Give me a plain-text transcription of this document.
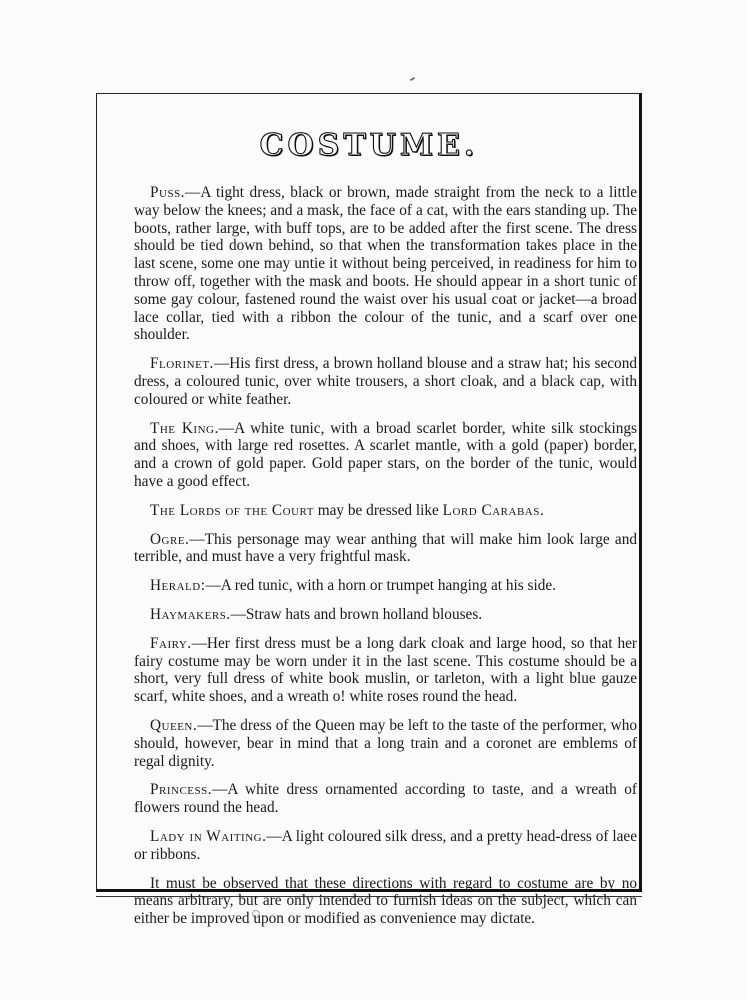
COSTUME.

Puss.—A tight dress, black or brown, made straight from the neck to a little way below the knees; and a mask, the face of a cat, with the ears standing up. The boots, rather large, with buff tops, are to be added after the first scene. The dress should be tied down behind, so that when the transformation takes place in the last scene, some one may untie it without being perceived, in readiness for him to throw off, together with the mask and boots. He should appear in a short tunic of some gay colour, fastened round the waist over his usual coat or jacket—a broad lace collar, tied with a ribbon the colour of the tunic, and a scarf over one shoulder.

Florinet.—His first dress, a brown holland blouse and a straw hat; his second dress, a coloured tunic, over white trousers, a short cloak, and a black cap, with coloured or white feather.

The King.—A white tunic, with a broad scarlet border, white silk stockings and shoes, with large red rosettes. A scarlet mantle, with a gold (paper) border, and a crown of gold paper. Gold paper stars, on the border of the tunic, would have a good effect.

The Lords of the Court may be dressed like Lord Carabas.

Ogre.—This personage may wear anthing that will make him look large and terrible, and must have a very frightful mask.

Herald:—A red tunic, with a horn or trumpet hanging at his side.

Haymakers.—Straw hats and brown holland blouses.

Fairy.—Her first dress must be a long dark cloak and large hood, so that her fairy costume may be worn under it in the last scene. This costume should be a short, very full dress of white book muslin, or tarleton, with a light blue gauze scarf, white shoes, and a wreath o! white roses round the head.

Queen.—The dress of the Queen may be left to the taste of the performer, who should, however, bear in mind that a long train and a coronet are emblems of regal dignity.

Princess.—A white dress ornamented according to taste, and a wreath of flowers round the head.

Lady in Waiting.—A light coloured silk dress, and a pretty head-dress of laee or ribbons.

It must be observed that these directions with regard to costume are by no means arbitrary, but are only intended to furnish ideas on the subject, which can either be improved upon or modified as convenience may dictate.
